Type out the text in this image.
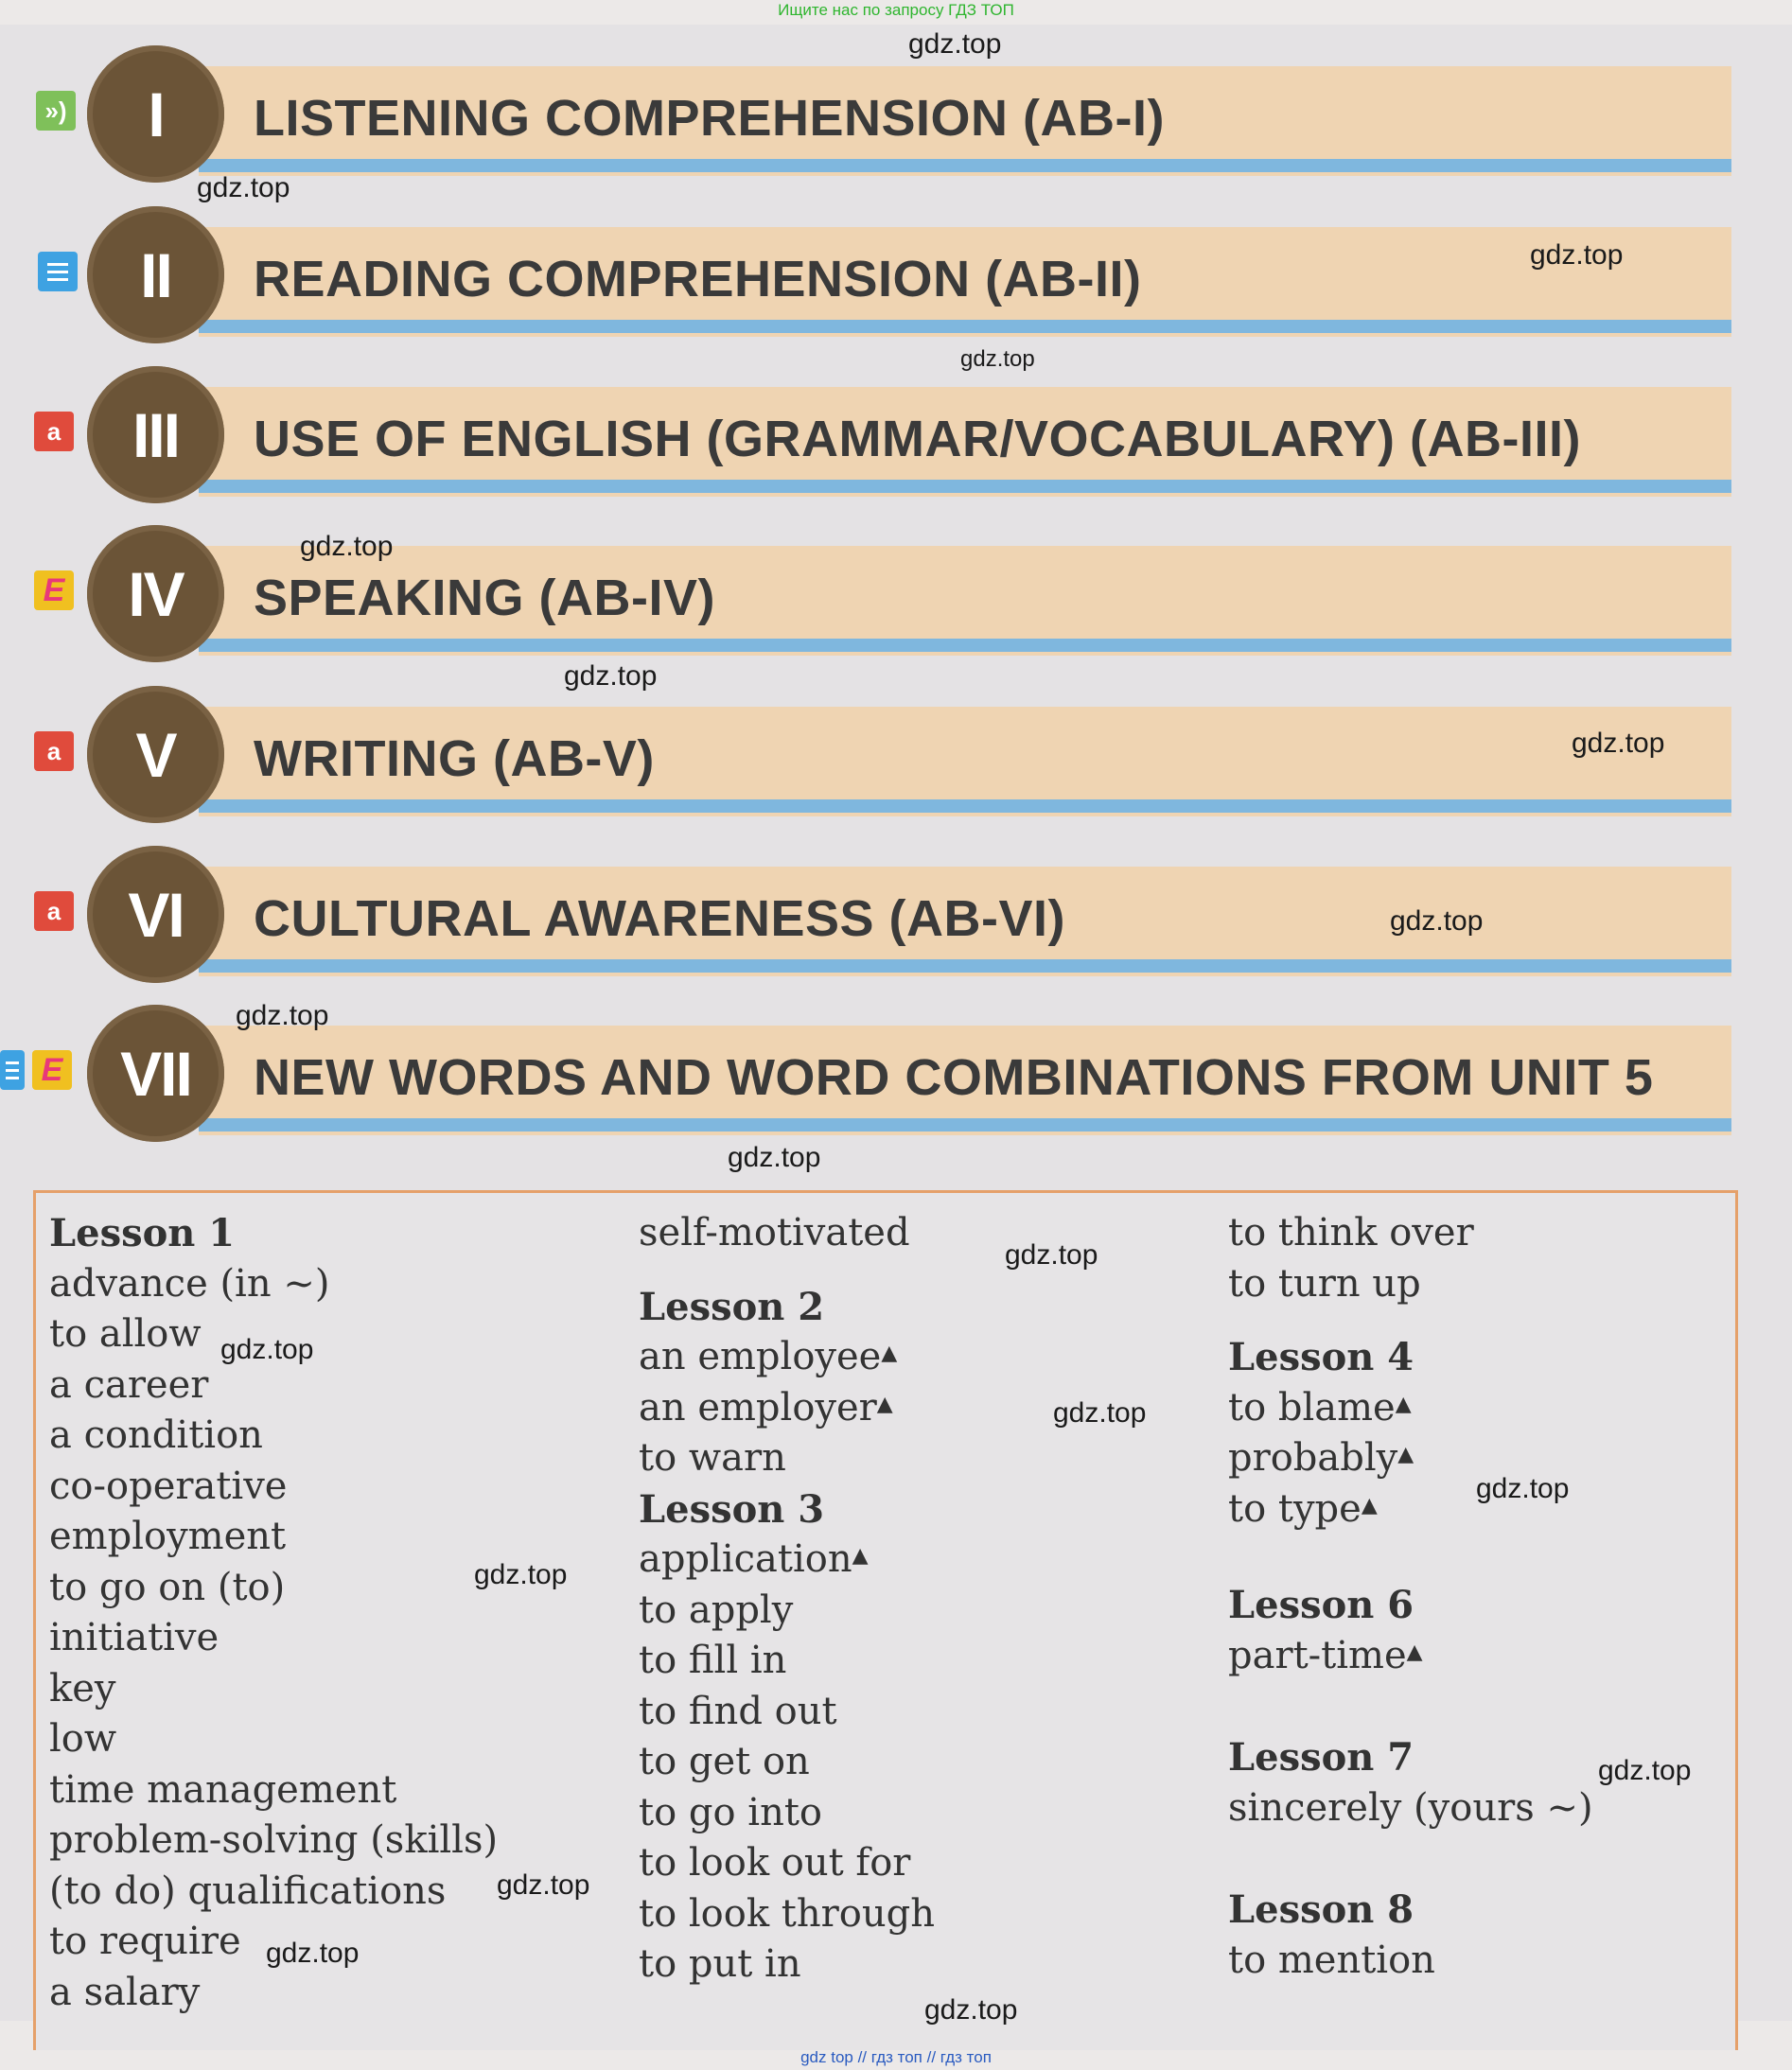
Ищите нас по запросу ГДЗ ТОП
»)	I	LISTENING COMPREHENSION (AB-I)
II	READING COMPREHENSION (AB-II)
a	III	USE OF ENGLISH (GRAMMAR/VOCABULARY) (AB-III)
E	IV	SPEAKING (AB-IV)
a	V	WRITING (AB-V)
a	VI	CULTURAL AWARENESS (AB-VI)
E VII	NEW WORDS AND WORD COMBINATIONS FROM UNIT 5
Lesson 1
advance (in ~)
to allow
a career
a condition
co-operative
employment
to go on (to)
initiative
key
low
time management
problem-solving (skills)
(to do) qualifications
to require
a salary
self-motivated
Lesson 2
an employee▲
an employer▲
to warn
Lesson 3
application▲
to apply
to fill in
to find out
to get on
to go into
to look out for
to look through
to put in
to think over
to turn up
Lesson 4
to blame▲
probably▲
to type▲
Lesson 6
part-time▲
Lesson 7
sincerely (yours ~)
Lesson 8
to mention
gdz.top
gdz.top
gdz.top
gdz.top
gdz.top
gdz.top
gdz.top
gdz.top
gdz.top
gdz.top
gdz.top
gdz.top
gdz.top
gdz.top
gdz.top
gdz.top
gdz.top
gdz.top
gdz.top
gdz top // гдз топ // гдз топ
